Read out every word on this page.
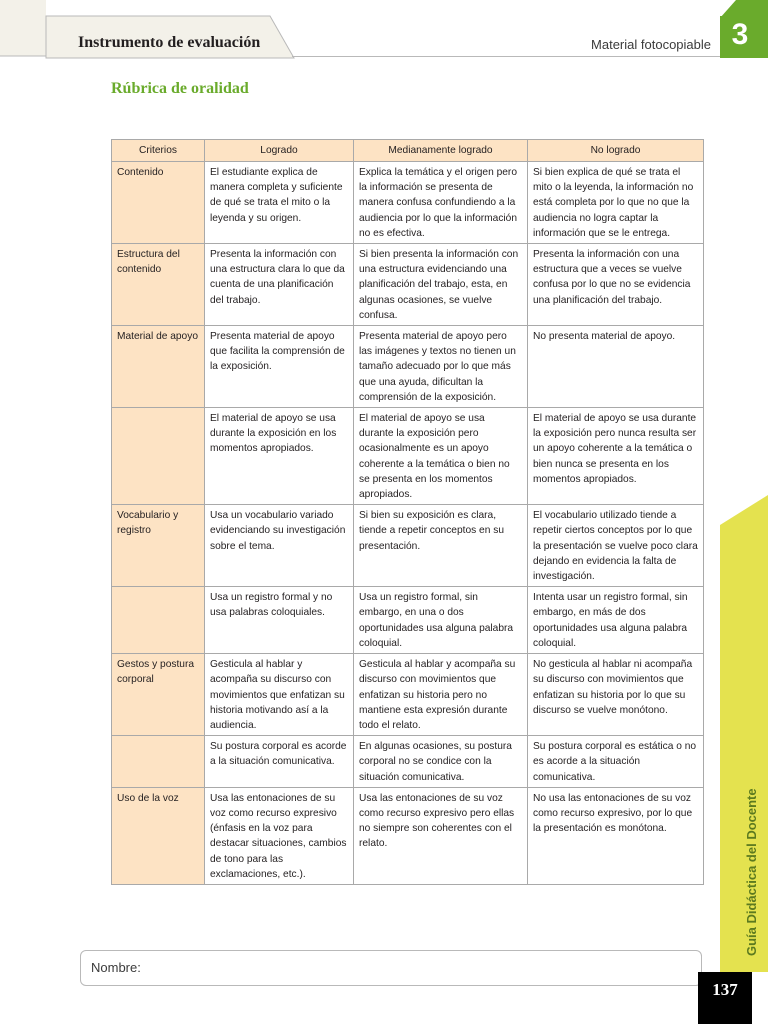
Instrumento de evaluación	Material fotocopiable 3
Rúbrica de oralidad
Criterios	Logrado	Medianamente logrado	No logrado
Contenido	El estudiante explica de manera completa y suficiente de qué se trata el mito o la leyenda y su origen.	Explica la temática y el origen pero la información se presenta de manera confusa confundiendo a la audiencia por lo que la información no es efectiva.	Si bien explica de qué se trata el mito o la leyenda, la información no está completa por lo que no que la audiencia no logra captar la información que se le entrega.
Estructura del contenido	Presenta la información con una estructura clara lo que da cuenta de una planificación del trabajo.	Si bien presenta la información con una estructura evidenciando una planificación del trabajo, esta, en algunas ocasiones, se vuelve confusa.	Presenta la información con una estructura que a veces se vuelve confusa por lo que no se evidencia una planificación del trabajo.
Material de apoyo	Presenta material de apoyo que facilita la comprensión de la exposición.	Presenta material de apoyo pero las imágenes y textos no tienen un tamaño adecuado por lo que más que una ayuda, dificultan la comprensión de la exposición.	No presenta material de apoyo.
	El material de apoyo se usa durante la exposición en los momentos apropiados.	El material de apoyo se usa durante la exposición pero ocasionalmente es un apoyo coherente a la temática o bien no se presenta en los momentos apropiados.	El material de apoyo se usa durante la exposición pero nunca resulta ser un apoyo coherente a la temática o bien nunca se presenta en los momentos apropiados.
Vocabulario y registro	Usa un vocabulario variado evidenciando su investigación sobre el tema.	Si bien su exposición es clara, tiende a repetir conceptos en su presentación.	El vocabulario utilizado tiende a repetir ciertos conceptos por lo que la presentación se vuelve poco clara dejando en evidencia la falta de investigación.
	Usa un registro formal y no usa palabras coloquiales.	Usa un registro formal, sin embargo, en una o dos oportunidades usa alguna palabra coloquial.	Intenta usar un registro formal, sin embargo, en más de dos oportunidades usa alguna palabra coloquial.
Gestos y postura corporal	Gesticula al hablar y acompaña su discurso con movimientos que enfatizan su historia motivando así a la audiencia.	Gesticula al hablar y acompaña su discurso con movimientos que enfatizan su historia pero no mantiene esta expresión durante todo el relato.	No gesticula al hablar ni acompaña su discurso con movimientos que enfatizan su historia por lo que su discurso se vuelve monótono.
	Su postura corporal es acorde a la situación comunicativa.	En algunas ocasiones, su postura corporal no se condice con la situación comunicativa.	Su postura corporal es estática o no es acorde a la situación comunicativa.
Uso de la voz	Usa las entonaciones de su voz como recurso expresivo (énfasis en la voz para destacar situaciones, cambios de tono para las exclamaciones, etc.).	Usa las entonaciones de su voz como recurso expresivo pero ellas no siempre son coherentes con el relato.	No usa las entonaciones de su voz como recurso expresivo, por lo que la presentación es monótona.	Guía Didáctica del Docente
Nombre:
137
